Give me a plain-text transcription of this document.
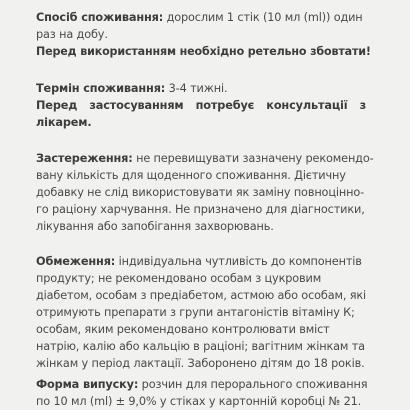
Спосіб споживання: дорослим 1 стік (10 мл (ml)) один
раз на добу.
Перед використанням необхідно ретельно збовтати!
Термін споживання: 3-4 тижні.
Перед застосуванням потребує консультації з
лікарем.
Застереження: не перевищувати зазначену рекомендо-
вану кількість для щоденного споживання. Дієтичну
добавку не слід використовувати як заміну повноцінно-
го раціону харчування. Не призначено для діагностики,
лікування або запобігання захворювань.
Обмеження: індивідуальна чутливість до компонентів
продукту; не рекомендовано особам з цукровим
діабетом, особам з предіабетом, астмою або особам, які
отримують препарати з групи антагоністів вітаміну К;
особам, яким рекомендовано контролювати вміст
натрію, калію або кальцію в раціоні; вагітним жінкам та
жінкам у період лактації. Заборонено дітям до 18 років.
Форма випуску: розчин для перорального споживання
по 10 мл (ml) ± 9,0% у стіках у картонній коробці № 21.
